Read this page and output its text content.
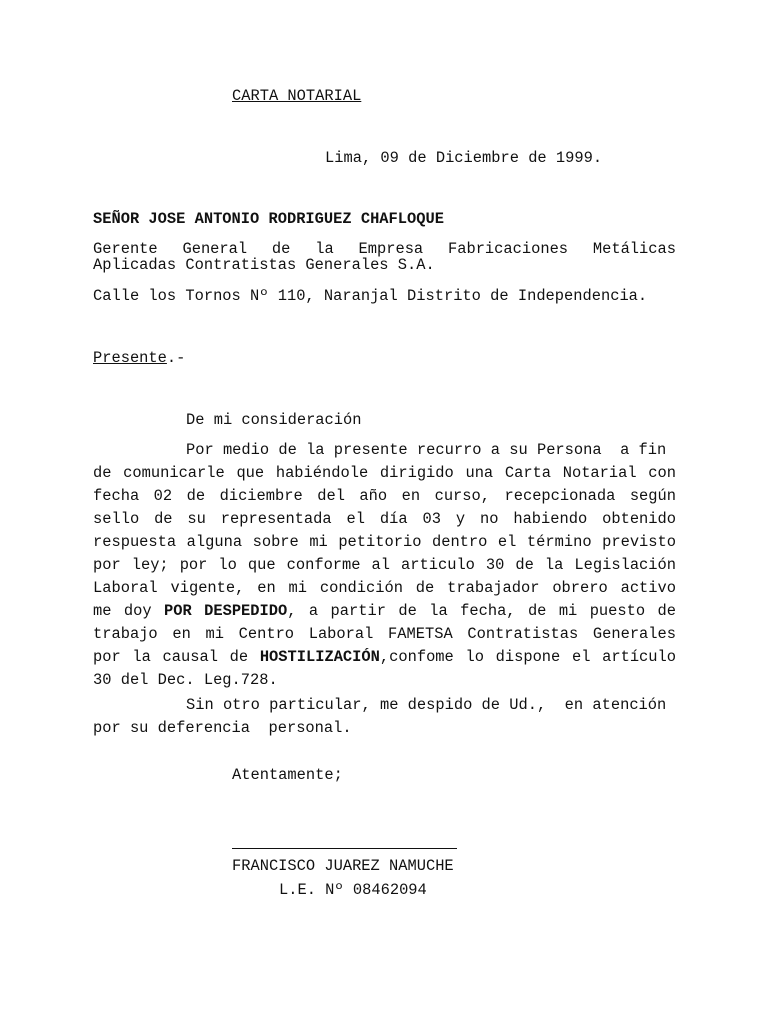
CARTA NOTARIAL
Lima, 09 de Diciembre de 1999.
SEÑOR JOSE ANTONIO RODRIGUEZ CHAFLOQUE
Gerente General de la Empresa Fabricaciones Metálicas
Aplicadas Contratistas Generales S.A.
Calle los Tornos Nº 110, Naranjal Distrito de Independencia.
Presente.-
De mi consideración
Por medio de la presente recurro a su Persona  a fin
de comunicarle que habiéndole dirigido una Carta Notarial con
fecha 02 de diciembre del año en curso, recepcionada según
sello de su representada el día 03 y no habiendo obtenido
respuesta alguna sobre mi petitorio dentro el término previsto
por ley; por lo que conforme al articulo 30 de la Legislación
Laboral vigente, en mi condición de trabajador obrero activo
me doy POR DESPEDIDO, a partir de la fecha, de mi puesto de
trabajo en mi Centro Laboral FAMETSA Contratistas Generales
por la causal de HOSTILIZACIÓN,confome lo dispone el artículo
30 del Dec. Leg.728.
Sin otro particular, me despido de Ud.,  en atención
por su deferencia  personal.
Atentamente;
FRANCISCO JUAREZ NAMUCHE
L.E. Nº 08462094
